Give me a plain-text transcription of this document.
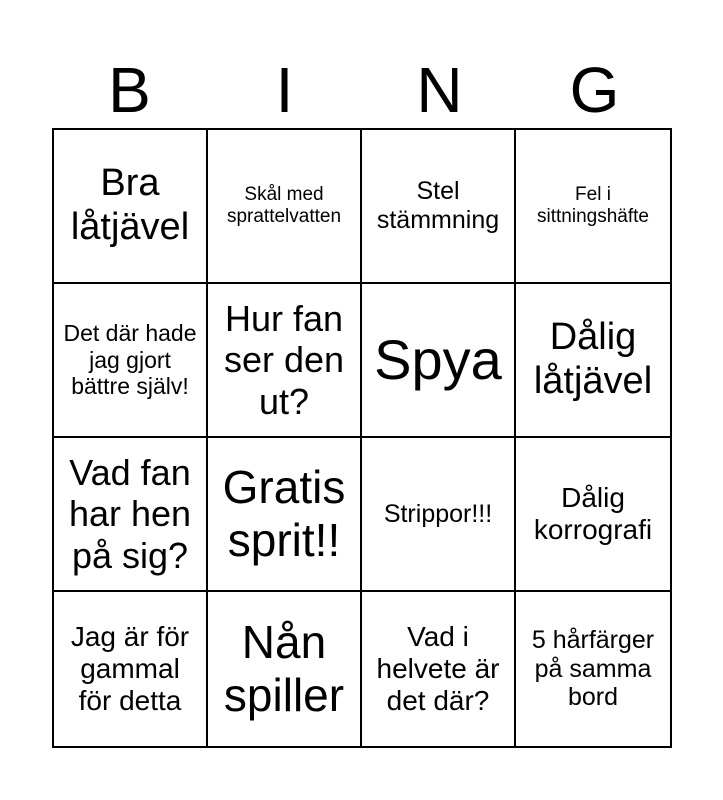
B	I	N	G
Bra låtjävel
Skål med sprattelvatten
Stel stämmning
Fel i sittningshäfte
Det där hade jag gjort bättre själv!
Hur fan ser den ut?
Spya	Dålig låtjävel
Vad fan har hen på sig?
Gratis sprit!!
Strippor!!!
Dålig korrografi
Jag är för gammal för detta
Nån spiller
Vad i helvete är det där?
5 hårfärger på samma bord
